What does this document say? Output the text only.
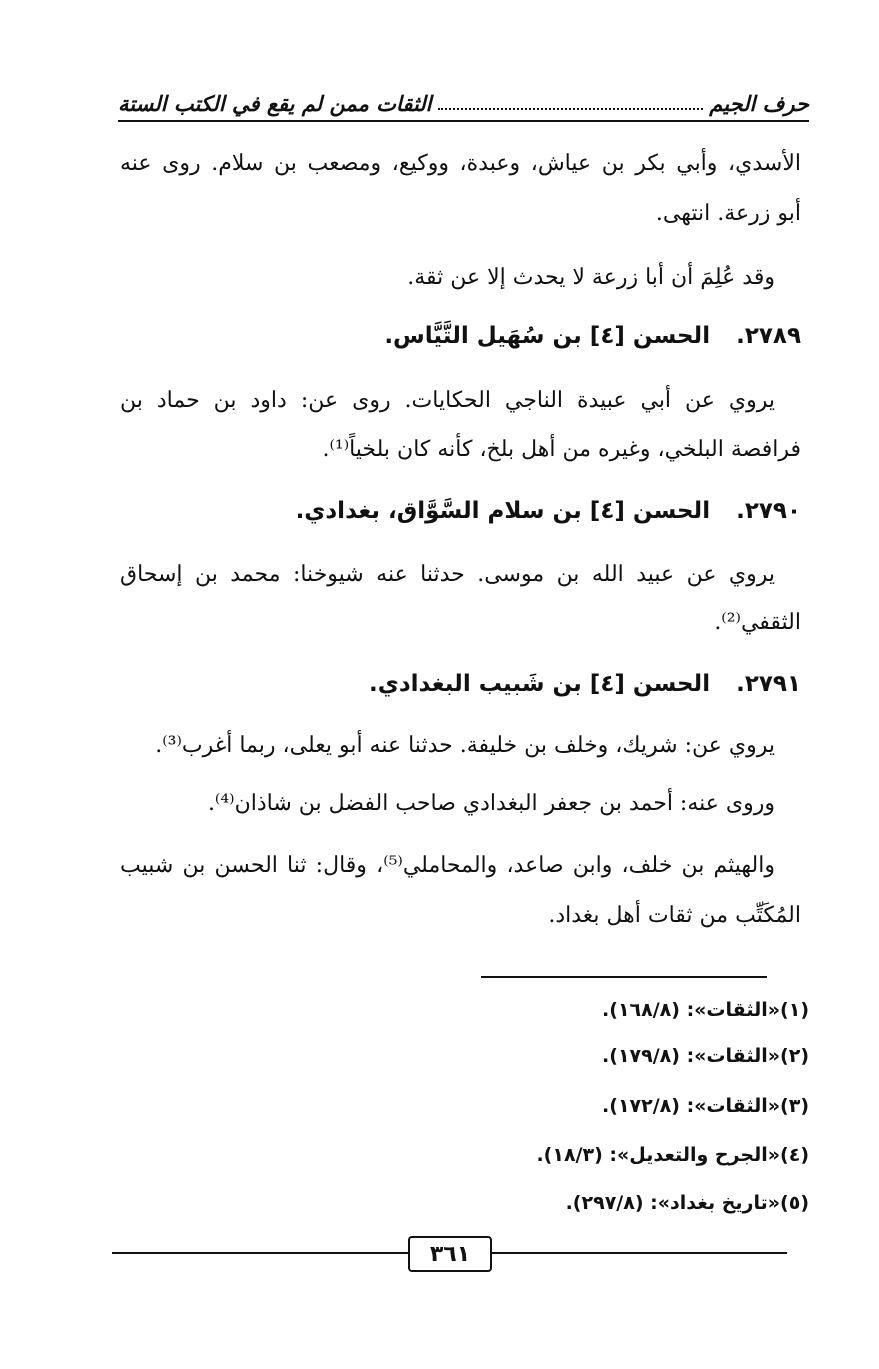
حرف الجيم
الثقات ممن لم يقع في الكتب الستة
الأسدي، وأبي بكر بن عياش، وعبدة، ووكيع، ومصعب بن سلام. روى عنه
أبو زرعة. انتهى.
وقد عُلِمَ أن أبا زرعة لا يحدث إلا عن ثقة.
٢٧٨٩. الحسن [٤] بن سُهَيل التَّيَّاس.
يروي عن أبي عبيدة الناجي الحكايات. روى عن: داود بن حماد بن
فرافصة البلخي، وغيره من أهل بلخ، كأنه كان بلخياً⁽¹⁾.
٢٧٩٠. الحسن [٤] بن سلام السَّوَّاق، بغدادي.
يروي عن عبيد الله بن موسى. حدثنا عنه شيوخنا: محمد بن إسحاق
الثقفي⁽²⁾.
٢٧٩١. الحسن [٤] بن شَبيب البغدادي.
يروي عن: شريك، وخلف بن خليفة. حدثنا عنه أبو يعلى، ربما أغرب⁽³⁾.
وروى عنه: أحمد بن جعفر البغدادي صاحب الفضل بن شاذان⁽⁴⁾.
والهيثم بن خلف، وابن صاعد، والمحاملي⁽⁵⁾، وقال: ثنا الحسن بن شبيب
المُكَتِّب من ثقات أهل بغداد.
(١)«الثقات»: (١٦٨/٨).
(٢)«الثقات»: (١٧٩/٨).
(٣)«الثقات»: (١٧٢/٨).
(٤)«الجرح والتعديل»: (١٨/٣).
(٥)«تاريخ بغداد»: (٢٩٧/٨).
٣٦١
